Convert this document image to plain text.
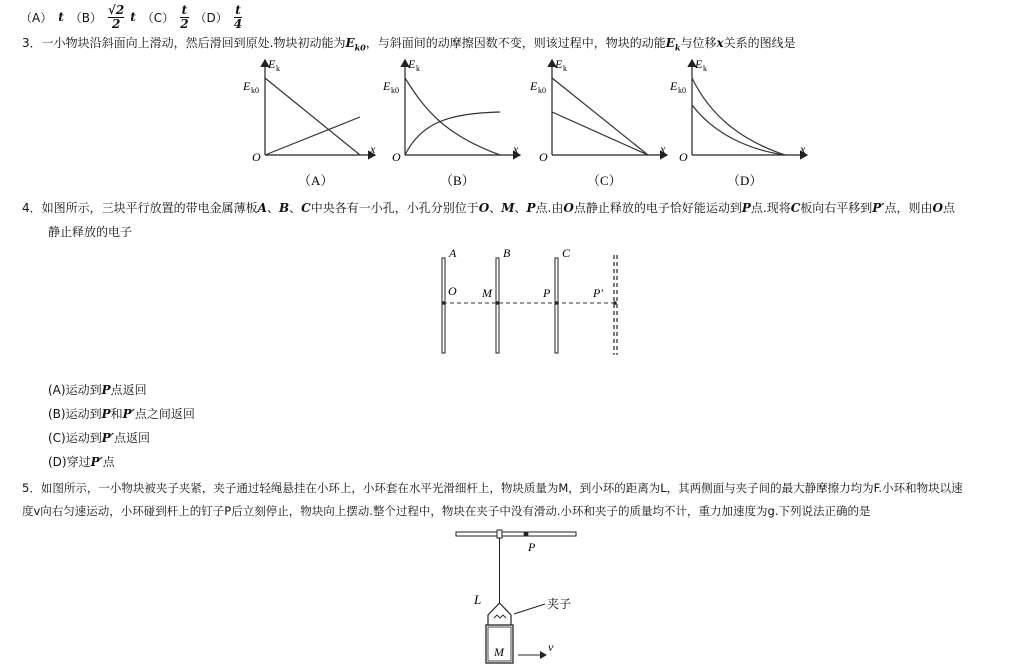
（A） t $(B) \frac{√2}{2}$ t $(C) \frac{t}{2} (D) \frac{t}{4}$
3．一小物块沿斜面向上滑动，然后滑回到原处.物块初动能为$E_{k0}$，与斜面间的动摩擦因数不变，则该过程中，物块的动能$E_k$与位移x关系的图线是
E k
E k0
O
x
（A）
E k
E k0
O
x
（B）
E k
E k0
O
x
（C）
E k
E k0
O
x
（D）
4．如图所示，三块平行放置的带电金属薄板A、B、C中央各有一小孔，小孔分别位于O、M、P点.由O点静止释放的电子恰好能运动到P点.现将C板向右平移到P′点，则由O点
静止释放的电子
A	B	C
O M	P	P′
(A)运动到P点返回
(B)运动到P和P′点之间返回
(C)运动到P′点返回
(D)穿过P′点
5．如图所示，一小物块被夹子夹紧，夹子通过轻绳悬挂在小环上，小环套在水平光滑细杆上，物块质量为M，到小环的距离为L，其两侧面与夹子间的最大静摩擦力均为F.小环和物块以速
度v向右匀速运动，小环碰到杆上的钉子P后立刻停止，物块向上摆动.整个过程中，物块在夹子中没有滑动.小环和夹子的质量均不计，重力加速度为g.下列说法正确的是
P
L	夹子
M	v
